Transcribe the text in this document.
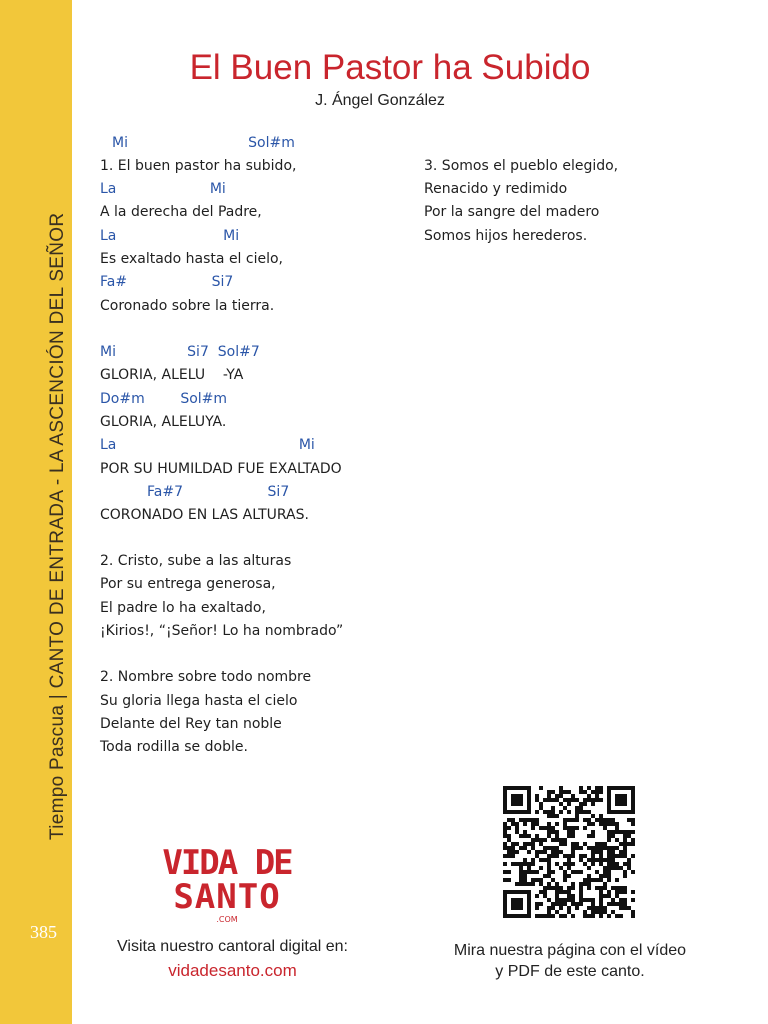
Tiempo Pascua | CANTO DE ENTRADA - LA ASCENCIÓN DEL SEÑOR
385
El Buen Pastor ha Subido
J. Ángel González
Mi                           Sol#m
1. El buen pastor ha subido,
La                     Mi
A la derecha del Padre,
La                        Mi
Es exaltado hasta el cielo,
Fa#                   Si7
Coronado sobre la tierra.
Mi                Si7  Sol#7
GLORIA, ALELU    -YA
Do#m        Sol#m
GLORIA, ALELUYA.
La                                         Mi
POR SU HUMILDAD FUE EXALTADO
Fa#7                   Si7
CORONADO EN LAS ALTURAS.
2. Cristo, sube a las alturas
Por su entrega generosa,
El padre lo ha exaltado,
¡Kirios!, “¡Señor! Lo ha nombrado”
2. Nombre sobre todo nombre
Su gloria llega hasta el cielo
Delante del Rey tan noble
Toda rodilla se doble.
3. Somos el pueblo elegido,
Renacido y redimido
Por la sangre del madero
Somos hijos herederos.
VIDA DE
SANTO
.COM
Visita nuestro cantoral digital en:
vidadesanto.com
Mira nuestra página con el vídeo
y PDF de este canto.
